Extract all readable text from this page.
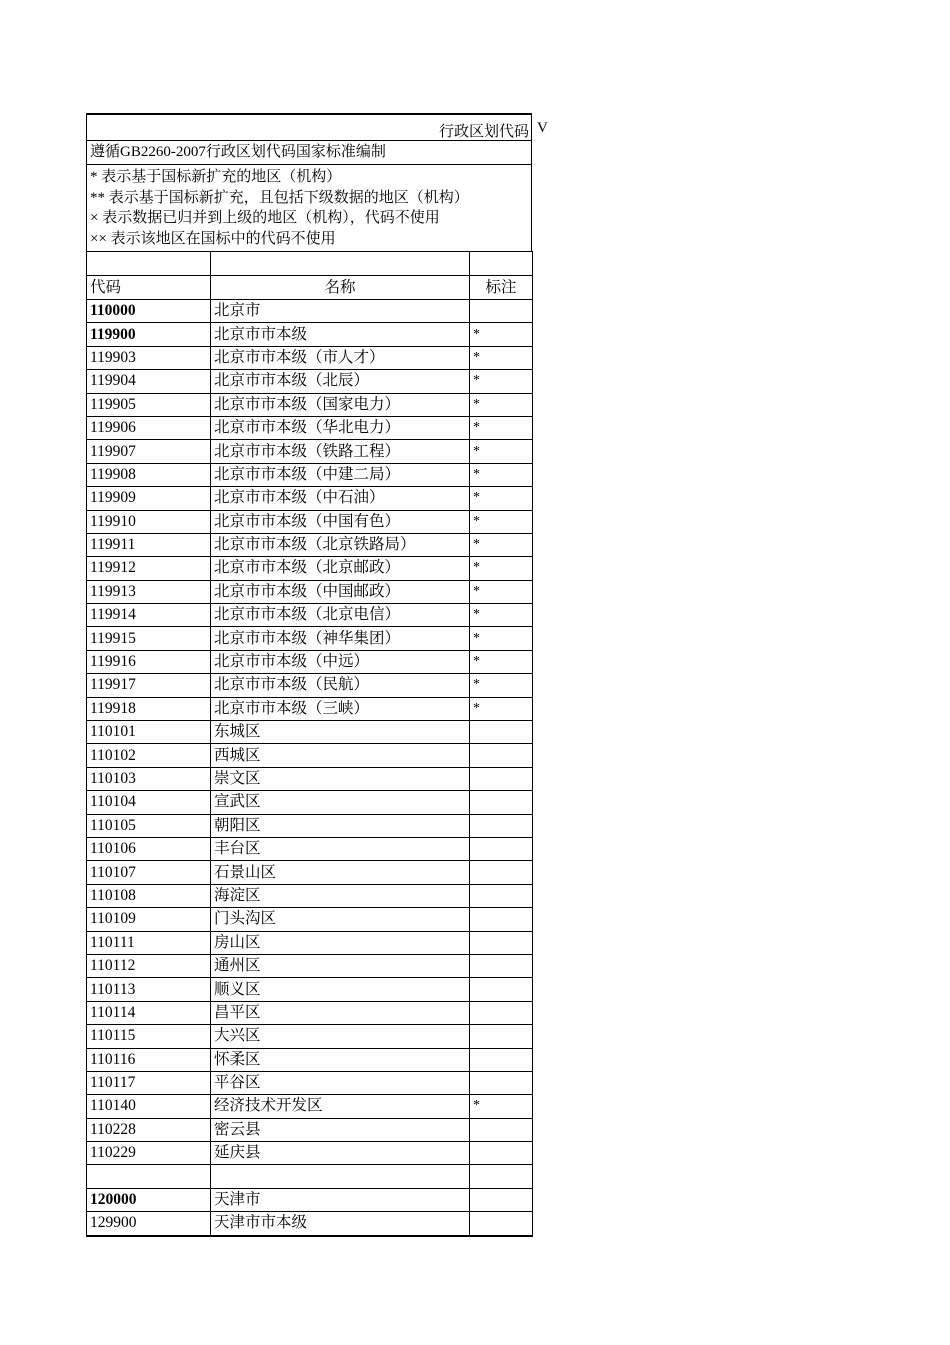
行政区划代码 V
遵循GB2260-2007行政区划代码国家标准编制
* 表示基于国标新扩充的地区（机构）
** 表示基于国标新扩充，且包括下级数据的地区（机构）
× 表示数据已归并到上级的地区（机构），代码不使用
×× 表示该地区在国标中的代码不使用

代码	名称	标注
110000	北京市	
119900	北京市市本级	*
119903	北京市市本级（市人才）	*
119904	北京市市本级（北辰）	*
119905	北京市市本级（国家电力）	*
119906	北京市市本级（华北电力）	*
119907	北京市市本级（铁路工程）	*
119908	北京市市本级（中建二局）	*
119909	北京市市本级（中石油）	*
119910	北京市市本级（中国有色）	*
119911	北京市市本级（北京铁路局）	*
119912	北京市市本级（北京邮政）	*
119913	北京市市本级（中国邮政）	*
119914	北京市市本级（北京电信）	*
119915	北京市市本级（神华集团）	*
119916	北京市市本级（中远）	*
119917	北京市市本级（民航）	*
119918	北京市市本级（三峡）	*
110101	东城区	
110102	西城区	
110103	崇文区	
110104	宣武区	
110105	朝阳区	
110106	丰台区	
110107	石景山区	
110108	海淀区	
110109	门头沟区	
110111	房山区	
110112	通州区	
110113	顺义区	
110114	昌平区	
110115	大兴区	
110116	怀柔区	
110117	平谷区	
110140	经济技术开发区	*
110228	密云县	
110229	延庆县	

120000	天津市	
129900	天津市市本级	
